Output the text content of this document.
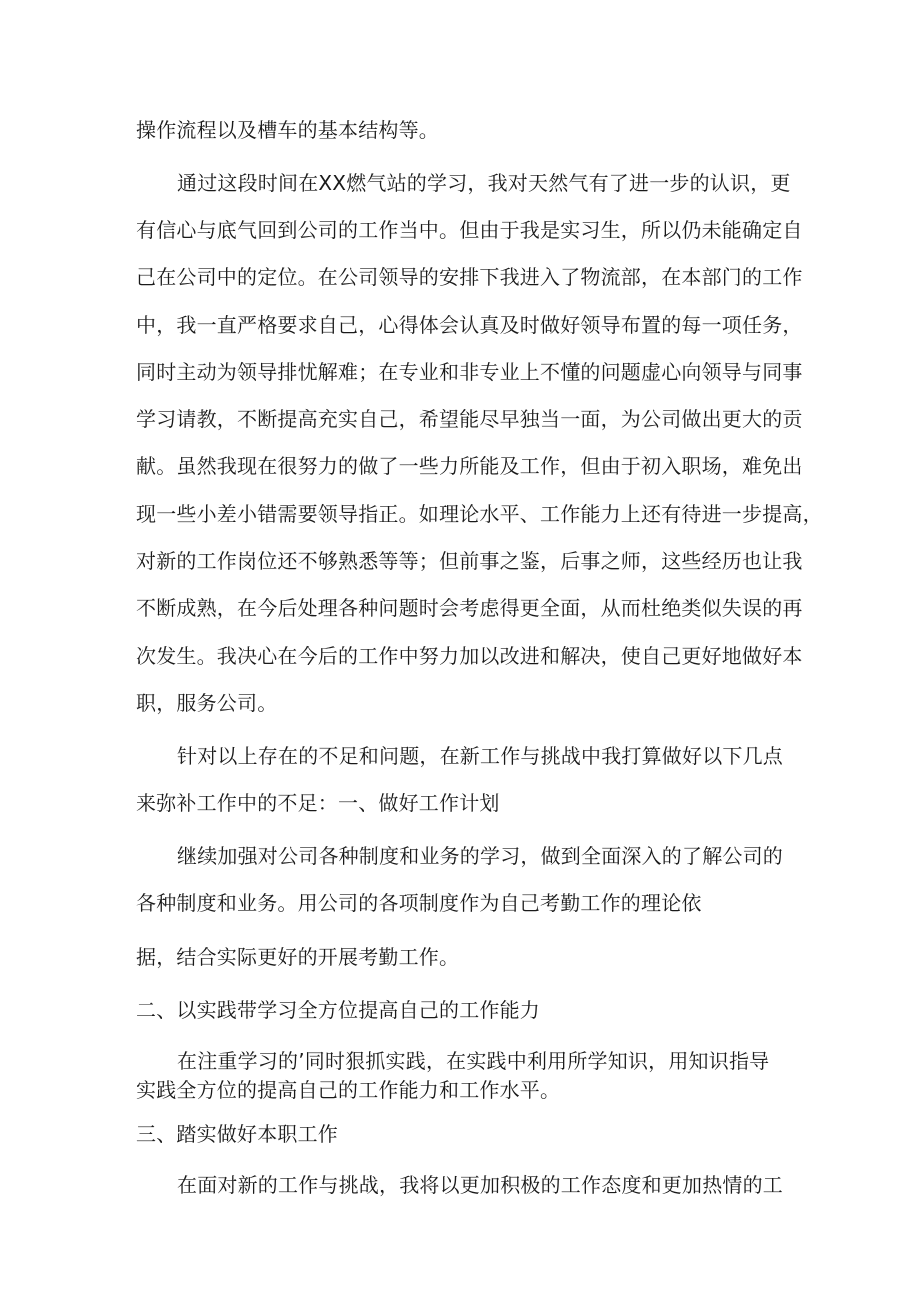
操作流程以及槽车的基本结构等。
通过这段时间在XX燃气站的学习，我对天然气有了进一步的认识，更
有信心与底气回到公司的工作当中。但由于我是实习生，所以仍未能确定自
己在公司中的定位。在公司领导的安排下我进入了物流部，在本部门的工作
中，我一直严格要求自己，心得体会认真及时做好领导布置的每一项任务，
同时主动为领导排忧解难；在专业和非专业上不懂的问题虚心向领导与同事
学习请教，不断提高充实自己，希望能尽早独当一面，为公司做出更大的贡
献。虽然我现在很努力的做了一些力所能及工作，但由于初入职场，难免出
现一些小差小错需要领导指正。如理论水平、工作能力上还有待进一步提高，
对新的工作岗位还不够熟悉等等；但前事之鉴，后事之师，这些经历也让我
不断成熟，在今后处理各种问题时会考虑得更全面，从而杜绝类似失误的再
次发生。我决心在今后的工作中努力加以改进和解决，使自己更好地做好本
职，服务公司。
针对以上存在的不足和问题，在新工作与挑战中我打算做好以下几点
来弥补工作中的不足：一、做好工作计划
继续加强对公司各种制度和业务的学习，做到全面深入的了解公司的
各种制度和业务。用公司的各项制度作为自己考勤工作的理论依
据，结合实际更好的开展考勤工作。
二、以实践带学习全方位提高自己的工作能力
在注重学习的’同时狠抓实践，在实践中利用所学知识，用知识指导
实践全方位的提高自己的工作能力和工作水平。
三、踏实做好本职工作
在面对新的工作与挑战，我将以更加积极的工作态度和更加热情的工
